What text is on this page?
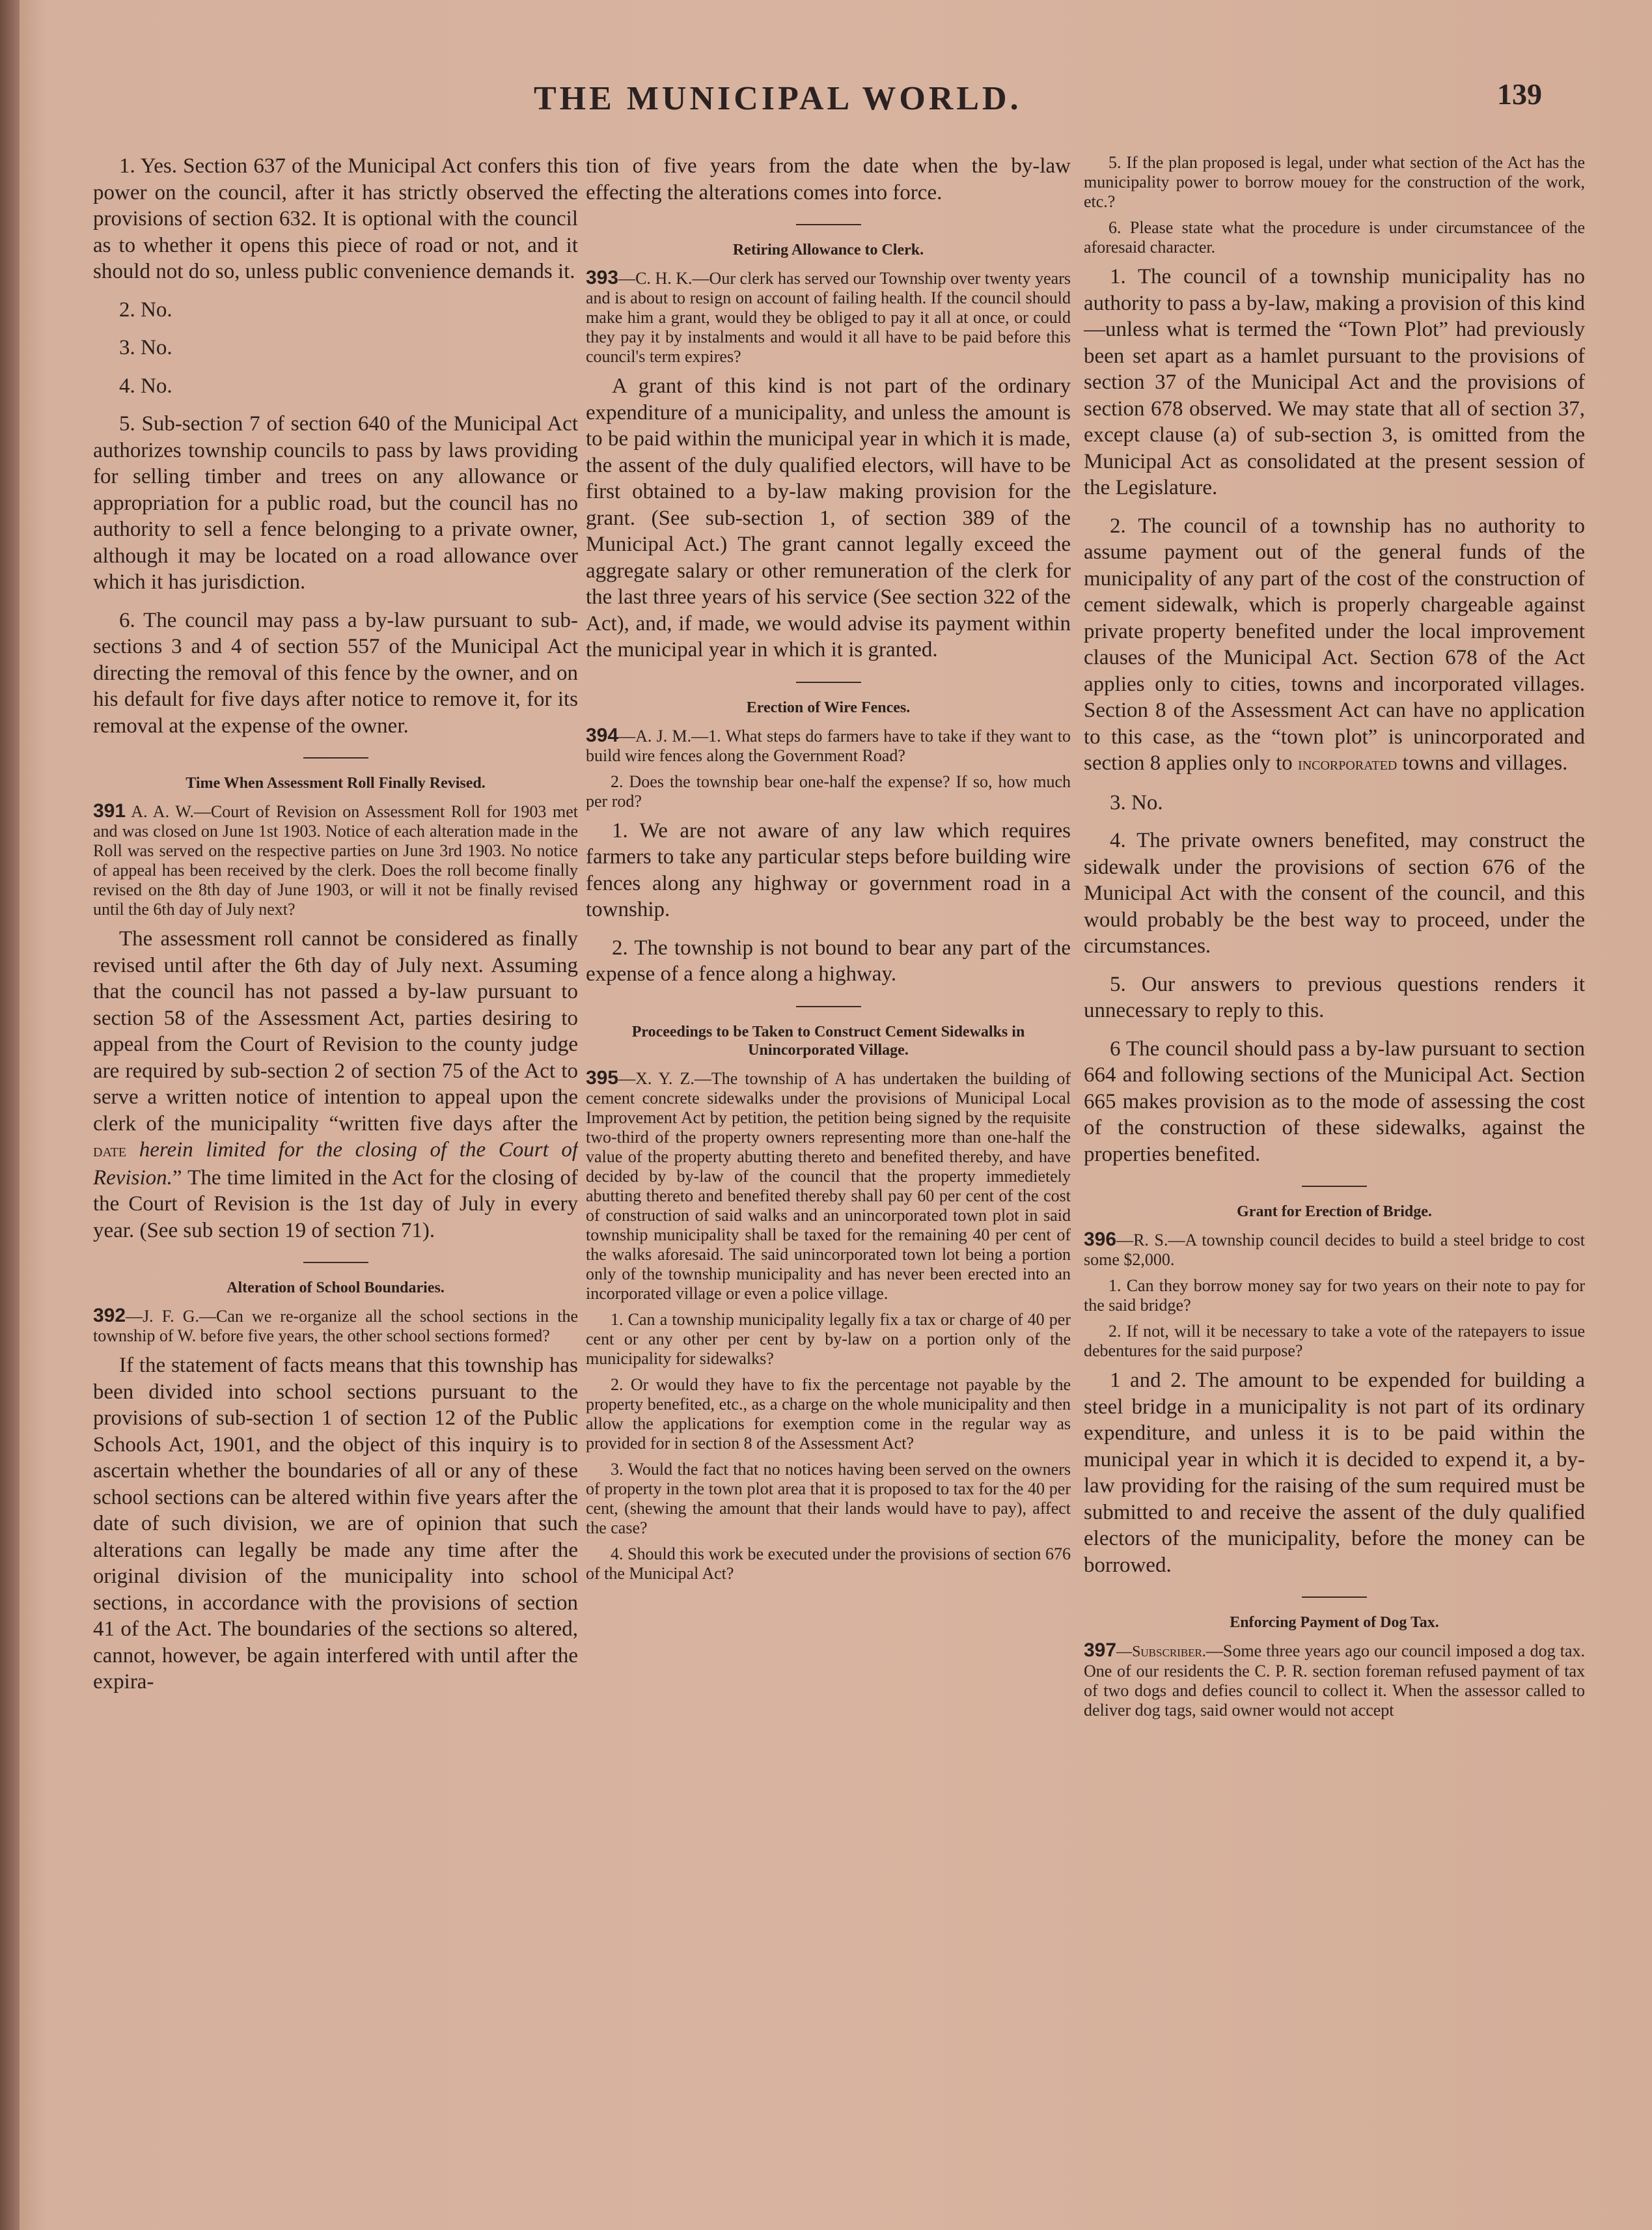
THE MUNICIPAL WORLD.	139

1. Yes. Section 637 of the Municipal Act confers this power on the council, after it has strictly observed the provisions of section 632. It is optional with the council as to whether it opens this piece of road or not, and it should not do so, unless public convenience demands it.

2. No.

3. No.

4. No.

5. Sub-section 7 of section 640 of the Municipal Act authorizes township councils to pass by laws providing for selling timber and trees on any allowance or appropriation for a public road, but the council has no authority to sell a fence belonging to a private owner, although it may be located on a road allowance over which it has jurisdiction.

6. The council may pass a by-law pursuant to sub-sections 3 and 4 of section 557 of the Municipal Act directing the removal of this fence by the owner, and on his default for five days after notice to remove it, for its removal at the expense of the owner.

Time When Assessment Roll Finally Revised.

391 A. A. W.—Court of Revision on Assessment Roll for 1903 met and was closed on June 1st 1903. Notice of each alteration made in the Roll was served on the respective parties on June 3rd 1903. No notice of appeal has been received by the clerk. Does the roll become finally revised on the 8th day of June 1903, or will it not be finally revised until the 6th day of July next?

The assessment roll cannot be considered as finally revised until after the 6th day of July next. Assuming that the council has not passed a by-law pursuant to section 58 of the Assessment Act, parties desiring to appeal from the Court of Revision to the county judge are required by sub-section 2 of section 75 of the Act to serve a written notice of intention to appeal upon the clerk of the municipality “written five days after the date herein limited for the closing of the Court of Revision.” The time limited in the Act for the closing of the Court of Revision is the 1st day of July in every year. (See sub section 19 of section 71).

Alteration of School Boundaries.

392—J. F. G.—Can we re-organize all the school sections in the township of W. before five years, the other school sections formed?

If the statement of facts means that this township has been divided into school sections pursuant to the provisions of sub-section 1 of section 12 of the Public Schools Act, 1901, and the object of this inquiry is to ascertain whether the boundaries of all or any of these school sections can be altered within five years after the date of such division, we are of opinion that such alterations can legally be made any time after the original division of the municipality into school sections, in accordance with the provisions of section 41 of the Act. The boundaries of the sections so altered, cannot, however, be again interfered with until after the expira-

tion of five years from the date when the by-law effecting the alterations comes into force.

Retiring Allowance to Clerk.

393—C. H. K.—Our clerk has served our Township over twenty years and is about to resign on account of failing health. If the council should make him a grant, would they be obliged to pay it all at once, or could they pay it by instalments and would it all have to be paid before this council's term expires?

A grant of this kind is not part of the ordinary expenditure of a municipality, and unless the amount is to be paid within the municipal year in which it is made, the assent of the duly qualified electors, will have to be first obtained to a by-law making provision for the grant. (See sub-section 1, of section 389 of the Municipal Act.) The grant cannot legally exceed the aggregate salary or other remuneration of the clerk for the last three years of his service (See section 322 of the Act), and, if made, we would advise its payment within the municipal year in which it is granted.

Erection of Wire Fences.

394—A. J. M.—1. What steps do farmers have to take if they want to build wire fences along the Government Road?

2. Does the township bear one-half the expense? If so, how much per rod?

1. We are not aware of any law which requires farmers to take any particular steps before building wire fences along any highway or government road in a township.

2. The township is not bound to bear any part of the expense of a fence along a highway.

Proceedings to be Taken to Construct Cement Sidewalks in Unincorporated Village.

395—X. Y. Z.—The township of A has undertaken the building of cement concrete sidewalks under the provisions of Municipal Local Improvement Act by petition, the petition being signed by the requisite two-third of the property owners representing more than one-half the value of the property abutting thereto and benefited thereby, and have decided by by-law of the council that the property immedietely abutting thereto and benefited thereby shall pay 60 per cent of the cost of construction of said walks and an unincorporated town plot in said township municipality shall be taxed for the remaining 40 per cent of the walks aforesaid. The said unincorporated town lot being a portion only of the township municipality and has never been erected into an incorporated village or even a police village.

1. Can a township municipality legally fix a tax or charge of 40 per cent or any other per cent by by-law on a portion only of the municipality for sidewalks?

2. Or would they have to fix the percentage not payable by the property benefited, etc., as a charge on the whole municipality and then allow the applications for exemption come in the regular way as provided for in section 8 of the Assessment Act?

3. Would the fact that no notices having been served on the owners of property in the town plot area that it is proposed to tax for the 40 per cent, (shewing the amount that their lands would have to pay), affect the case?

4. Should this work be executed under the provisions of section 676 of the Municipal Act?

5. If the plan proposed is legal, under what section of the Act has the municipality power to borrow mouey for the construction of the work, etc.?

6. Please state what the procedure is under circumstancee of the aforesaid character.

1. The council of a township municipality has no authority to pass a by-law, making a provision of this kind—unless what is termed the “Town Plot” had previously been set apart as a hamlet pursuant to the provisions of section 37 of the Municipal Act and the provisions of section 678 observed. We may state that all of section 37, except clause (a) of sub-section 3, is omitted from the Municipal Act as consolidated at the present session of the Legislature.

2. The council of a township has no authority to assume payment out of the general funds of the municipality of any part of the cost of the construction of cement sidewalk, which is properly chargeable against private property benefited under the local improvement clauses of the Municipal Act. Section 678 of the Act applies only to cities, towns and incorporated villages. Section 8 of the Assessment Act can have no application to this case, as the “town plot” is unincorporated and section 8 applies only to incorporated towns and villages.

3. No.

4. The private owners benefited, may construct the sidewalk under the provisions of section 676 of the Municipal Act with the consent of the council, and this would probably be the best way to proceed, under the circumstances.

5. Our answers to previous questions renders it unnecessary to reply to this.

6 The council should pass a by-law pursuant to section 664 and following sections of the Municipal Act. Section 665 makes provision as to the mode of assessing the cost of the construction of these sidewalks, against the properties benefited.

Grant for Erection of Bridge.

396—R. S.—A township council decides to build a steel bridge to cost some $2,000.

1. Can they borrow money say for two years on their note to pay for the said bridge?

2. If not, will it be necessary to take a vote of the ratepayers to issue debentures for the said purpose?

1 and 2. The amount to be expended for building a steel bridge in a municipality is not part of its ordinary expenditure, and unless it is to be paid within the municipal year in which it is decided to expend it, a by-law providing for the raising of the sum required must be submitted to and receive the assent of the duly qualified electors of the municipality, before the money can be borrowed.

Enforcing Payment of Dog Tax.

397—Subscriber.—Some three years ago our council imposed a dog tax. One of our residents the C. P. R. section foreman refused payment of tax of two dogs and defies council to collect it. When the assessor called to deliver dog tags, said owner would not accept
